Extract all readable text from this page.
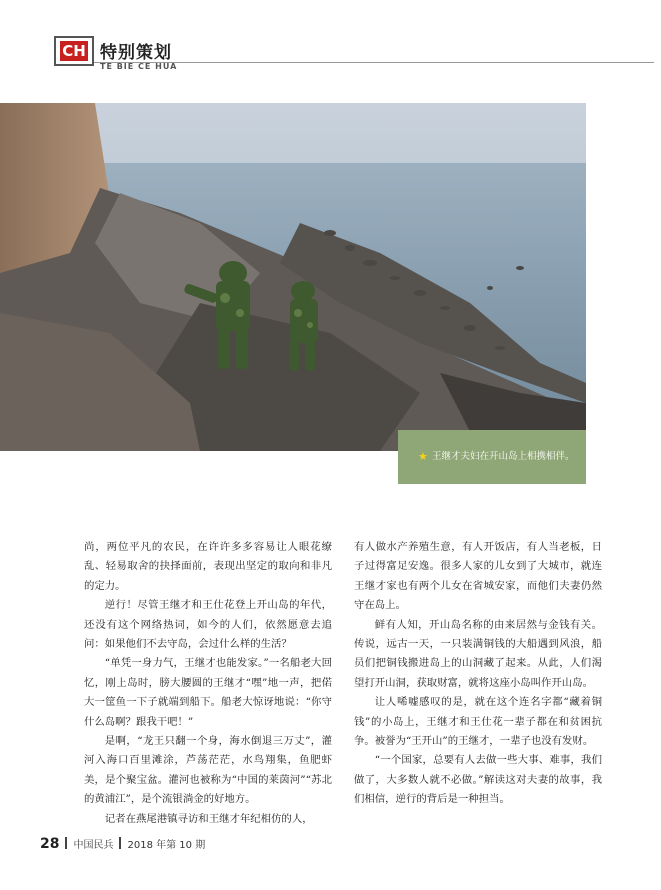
CH 特别策划
TE BIE CE HUA
★ 王继才夫妇在开山岛上相携相伴。

尚，两位平凡的农民，在许许多多容易让人眼花缭乱、轻易取舍的抉择面前，表现出坚定的取向和非凡的定力。

逆行！尽管王继才和王仕花登上开山岛的年代，还没有这个网络热词，如今的人们，依然愿意去追问：如果他们不去守岛，会过什么样的生活？

“单凭一身力气，王继才也能发家。”一名船老大回忆，刚上岛时，膀大腰圆的王继才“嘿”地一声，把偌大一筐鱼一下子就端到船下。船老大惊讶地说：“你守什么岛啊？跟我干吧！”

是啊，“龙王只翻一个身，海水倒退三万丈”，灌河入海口百里滩涂，芦荡茫茫，水鸟翔集，鱼肥虾美，是个聚宝盆。灌河也被称为“中国的莱茵河”“苏北的黄浦江”，是个流银淌金的好地方。

记者在燕尾港镇寻访和王继才年纪相仿的人，

有人做水产养殖生意，有人开饭店，有人当老板，日子过得富足安逸。很多人家的儿女到了大城市，就连王继才家也有两个儿女在省城安家，而他们夫妻仍然守在岛上。

鲜有人知，开山岛名称的由来居然与金钱有关。传说，远古一天，一只装满铜钱的大船遇到风浪，船员们把铜钱搬进岛上的山洞藏了起来。从此，人们渴望打开山洞，获取财富，就将这座小岛叫作开山岛。

让人唏嘘感叹的是，就在这个连名字都“藏着铜钱”的小岛上，王继才和王仕花一辈子都在和贫困抗争。被誉为“王开山”的王继才，一辈子也没有发财。

“一个国家，总要有人去做一些大事、难事，我们做了，大多数人就不必做。”解读这对夫妻的故事，我们相信，逆行的背后是一种担当。

28 中国民兵 2018 年第 10 期
